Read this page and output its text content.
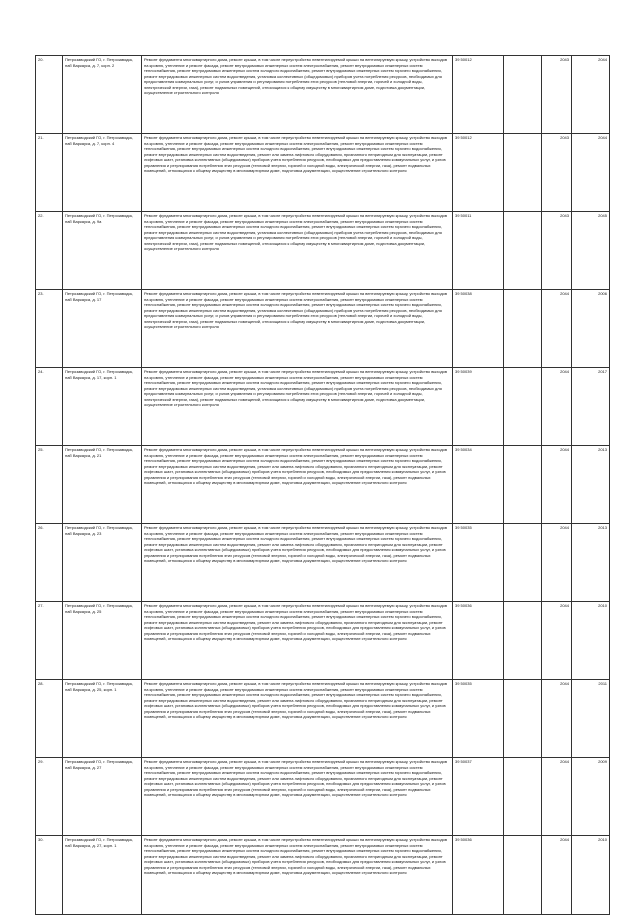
20.	Петрозаводский ГО, г. Петрозаводск, наб Варкауса, д. 7, корп. 2	Ремонт фундамента многоквартирного дома, ремонт крыши, в том числе переустройство невентилируемой крыши на вентилируемую крышу, устройство выходов на кровлю, утепление и ремонт фасада, ремонт внутридомовых инженерных систем электроснабжения, ремонт внутридомовых инженерных систем теплоснабжения, ремонт внутридомовых инженерных систем холодного водоснабжения, ремонт внутридомовых инженерных систем горячего водоснабжения, ремонт внутридомовых инженерных систем водоотведения, установка коллективных (общедомовых) приборов учета потребления ресурсов, необходимых для предоставления коммунальных услуг, и узлов управления и регулирования потребления этих ресурсов (тепловой энергии, горячей и холодной воды, электрической энергии, газа), ремонт подвальных помещений, относящихся к общему имуществу в многоквартирном доме, подготовка документации, осуществление строительного контроля	39 50012		2043	2044
21.	Петрозаводский ГО, г. Петрозаводск, наб Варкауса, д. 7, корп. 4	Ремонт фундамента многоквартирного дома, ремонт крыши, в том числе переустройство невентилируемой крыши на вентилируемую крышу, устройство выходов на кровлю, утепление и ремонт фасада, ремонт внутридомовых инженерных систем электроснабжения, ремонт внутридомовых инженерных систем теплоснабжения, ремонт внутридомовых инженерных систем холодного водоснабжения, ремонт внутридомовых инженерных систем горячего водоснабжения, ремонт внутридомовых инженерных систем водоотведения, ремонт или замена лифтового оборудования, признанного непригодным для эксплуатации, ремонт лифтовых шахт, установка коллективных (общедомовых) приборов учета потребления ресурсов, необходимых для предоставления коммунальных услуг, и узлов управления и регулирования потребления этих ресурсов (тепловой энергии, горячей и холодной воды, электрической энергии, газа), ремонт подвальных помещений, относящихся к общему имуществу в многоквартирном доме, подготовка документации, осуществление строительного контроля	39 50012		2043	2044
22.	Петрозаводский ГО, г. Петрозаводск, наб Варкауса, д. 9а	Ремонт фундамента многоквартирного дома, ремонт крыши, в том числе переустройство невентилируемой крыши на вентилируемую крышу, устройство выходов на кровлю, утепление и ремонт фасада, ремонт внутридомовых инженерных систем электроснабжения, ремонт внутридомовых инженерных систем теплоснабжения, ремонт внутридомовых инженерных систем холодного водоснабжения, ремонт внутридомовых инженерных систем горячего водоснабжения, ремонт внутридомовых инженерных систем водоотведения, установка коллективных (общедомовых) приборов учета потребления ресурсов, необходимых для предоставления коммунальных услуг, и узлов управления и регулирования потребления этих ресурсов (тепловой энергии, горячей и холодной воды, электрической энергии, газа), ремонт подвальных помещений, относящихся к общему имуществу в многоквартирном доме, подготовка документации, осуществление строительного контроля	39 50011		2043	2045
23.	Петрозаводский ГО, г. Петрозаводск, наб Варкауса, д. 17	Ремонт фундамента многоквартирного дома, ремонт крыши, в том числе переустройство невентилируемой крыши на вентилируемую крышу, устройство выходов на кровлю, утепление и ремонт фасада, ремонт внутридомовых инженерных систем электроснабжения, ремонт внутридомовых инженерных систем теплоснабжения, ремонт внутридомовых инженерных систем холодного водоснабжения, ремонт внутридомовых инженерных систем горячего водоснабжения, ремонт внутридомовых инженерных систем водоотведения, установка коллективных (общедомовых) приборов учета потребления ресурсов, необходимых для предоставления коммунальных услуг, и узлов управления и регулирования потребления этих ресурсов (тепловой энергии, горячей и холодной воды, электрической энергии, газа), ремонт подвальных помещений, относящихся к общему имуществу в многоквартирном доме, подготовка документации, осуществление строительного контроля	39 50038		2044	2006
24.	Петрозаводский ГО, г. Петрозаводск, наб Варкауса, д. 17, корп. 1	Ремонт фундамента многоквартирного дома, ремонт крыши, в том числе переустройство невентилируемой крыши на вентилируемую крышу, устройство выходов на кровлю, утепление и ремонт фасада, ремонт внутридомовых инженерных систем электроснабжения, ремонт внутридомовых инженерных систем теплоснабжения, ремонт внутридомовых инженерных систем холодного водоснабжения, ремонт внутридомовых инженерных систем горячего водоснабжения, ремонт внутридомовых инженерных систем водоотведения, установка коллективных (общедомовых) приборов учета потребления ресурсов, необходимых для предоставления коммунальных услуг, и узлов управления и регулирования потребления этих ресурсов (тепловой энергии, горячей и холодной воды, электрической энергии, газа), ремонт подвальных помещений, относящихся к общему имуществу в многоквартирном доме, подготовка документации, осуществление строительного контроля	39 50039		2044	2017
25.	Петрозаводский ГО, г. Петрозаводск, наб Варкауса, д. 21	Ремонт фундамента многоквартирного дома, ремонт крыши, в том числе переустройство невентилируемой крыши на вентилируемую крышу, устройство выходов на кровлю, утепление и ремонт фасада, ремонт внутридомовых инженерных систем электроснабжения, ремонт внутридомовых инженерных систем теплоснабжения, ремонт внутридомовых инженерных систем холодного водоснабжения, ремонт внутридомовых инженерных систем горячего водоснабжения, ремонт внутридомовых инженерных систем водоотведения, ремонт или замена лифтового оборудования, признанного непригодным для эксплуатации, ремонт лифтовых шахт, установка коллективных (общедомовых) приборов учета потребления ресурсов, необходимых для предоставления коммунальных услуг, и узлов управления и регулирования потребления этих ресурсов (тепловой энергии, горячей и холодной воды, электрической энергии, газа), ремонт подвальных помещений, относящихся к общему имуществу в многоквартирном доме, подготовка документации, осуществление строительного контроля	39 50034		2044	2013
26.	Петрозаводский ГО, г. Петрозаводск, наб Варкауса, д. 23	Ремонт фундамента многоквартирного дома, ремонт крыши, в том числе переустройство невентилируемой крыши на вентилируемую крышу, устройство выходов на кровлю, утепление и ремонт фасада, ремонт внутридомовых инженерных систем электроснабжения, ремонт внутридомовых инженерных систем теплоснабжения, ремонт внутридомовых инженерных систем холодного водоснабжения, ремонт внутридомовых инженерных систем горячего водоснабжения, ремонт внутридомовых инженерных систем водоотведения, ремонт или замена лифтового оборудования, признанного непригодным для эксплуатации, ремонт лифтовых шахт, установка коллективных (общедомовых) приборов учета потребления ресурсов, необходимых для предоставления коммунальных услуг, и узлов управления и регулирования потребления этих ресурсов (тепловой энергии, горячей и холодной воды, электрической энергии, газа), ремонт подвальных помещений, относящихся к общему имуществу в многоквартирном доме, подготовка документации, осуществление строительного контроля	39 50035		2044	2013
27.	Петрозаводский ГО, г. Петрозаводск, наб Варкауса, д. 25	Ремонт фундамента многоквартирного дома, ремонт крыши, в том числе переустройство невентилируемой крыши на вентилируемую крышу, устройство выходов на кровлю, утепление и ремонт фасада, ремонт внутридомовых инженерных систем электроснабжения, ремонт внутридомовых инженерных систем теплоснабжения, ремонт внутридомовых инженерных систем холодного водоснабжения, ремонт внутридомовых инженерных систем горячего водоснабжения, ремонт внутридомовых инженерных систем водоотведения, ремонт или замена лифтового оборудования, признанного непригодным для эксплуатации, ремонт лифтовых шахт, установка коллективных (общедомовых) приборов учета потребления ресурсов, необходимых для предоставления коммунальных услуг, и узлов управления и регулирования потребления этих ресурсов (тепловой энергии, горячей и холодной воды, электрической энергии, газа), ремонт подвальных помещений, относящихся к общему имуществу в многоквартирном доме, подготовка документации, осуществление строительного контроля	39 50036		2044	2010
28.	Петрозаводский ГО, г. Петрозаводск, наб Варкауса, д. 25, корп. 1	Ремонт фундамента многоквартирного дома, ремонт крыши, в том числе переустройство невентилируемой крыши на вентилируемую крышу, устройство выходов на кровлю, утепление и ремонт фасада, ремонт внутридомовых инженерных систем электроснабжения, ремонт внутридомовых инженерных систем теплоснабжения, ремонт внутридомовых инженерных систем холодного водоснабжения, ремонт внутридомовых инженерных систем горячего водоснабжения, ремонт внутридомовых инженерных систем водоотведения, ремонт или замена лифтового оборудования, признанного непригодным для эксплуатации, ремонт лифтовых шахт, установка коллективных (общедомовых) приборов учета потребления ресурсов, необходимых для предоставления коммунальных услуг, и узлов управления и регулирования потребления этих ресурсов (тепловой энергии, горячей и холодной воды, электрической энергии, газа), ремонт подвальных помещений, относящихся к общему имуществу в многоквартирном доме, подготовка документации, осуществление строительного контроля	39 50035		2044	2011
29.	Петрозаводский ГО, г. Петрозаводск, наб Варкауса, д. 27	Ремонт фундамента многоквартирного дома, ремонт крыши, в том числе переустройство невентилируемой крыши на вентилируемую крышу, устройство выходов на кровлю, утепление и ремонт фасада, ремонт внутридомовых инженерных систем электроснабжения, ремонт внутридомовых инженерных систем теплоснабжения, ремонт внутридомовых инженерных систем холодного водоснабжения, ремонт внутридомовых инженерных систем горячего водоснабжения, ремонт внутридомовых инженерных систем водоотведения, ремонт или замена лифтового оборудования, признанного непригодным для эксплуатации, ремонт лифтовых шахт, установка коллективных (общедомовых) приборов учета потребления ресурсов, необходимых для предоставления коммунальных услуг, и узлов управления и регулирования потребления этих ресурсов (тепловой энергии, горячей и холодной воды, электрической энергии, газа), ремонт подвальных помещений, относящихся к общему имуществу в многоквартирном доме, подготовка документации, осуществление строительного контроля	39 50037		2044	2009
30.	Петрозаводский ГО, г. Петрозаводск, наб Варкауса, д. 27, корп. 1	Ремонт фундамента многоквартирного дома, ремонт крыши, в том числе переустройство невентилируемой крыши на вентилируемую крышу, устройство выходов на кровлю, утепление и ремонт фасада, ремонт внутридомовых инженерных систем электроснабжения, ремонт внутридомовых инженерных систем теплоснабжения, ремонт внутридомовых инженерных систем холодного водоснабжения, ремонт внутридомовых инженерных систем горячего водоснабжения, ремонт внутридомовых инженерных систем водоотведения, ремонт или замена лифтового оборудования, признанного непригодным для эксплуатации, ремонт лифтовых шахт, установка коллективных (общедомовых) приборов учета потребления ресурсов, необходимых для предоставления коммунальных услуг, и узлов управления и регулирования потребления этих ресурсов (тепловой энергии, горячей и холодной воды, электрической энергии, газа), ремонт подвальных помещений, относящихся к общему имуществу в многоквартирном доме, подготовка документации, осуществление строительного контроля	39 50036		2044	2010
